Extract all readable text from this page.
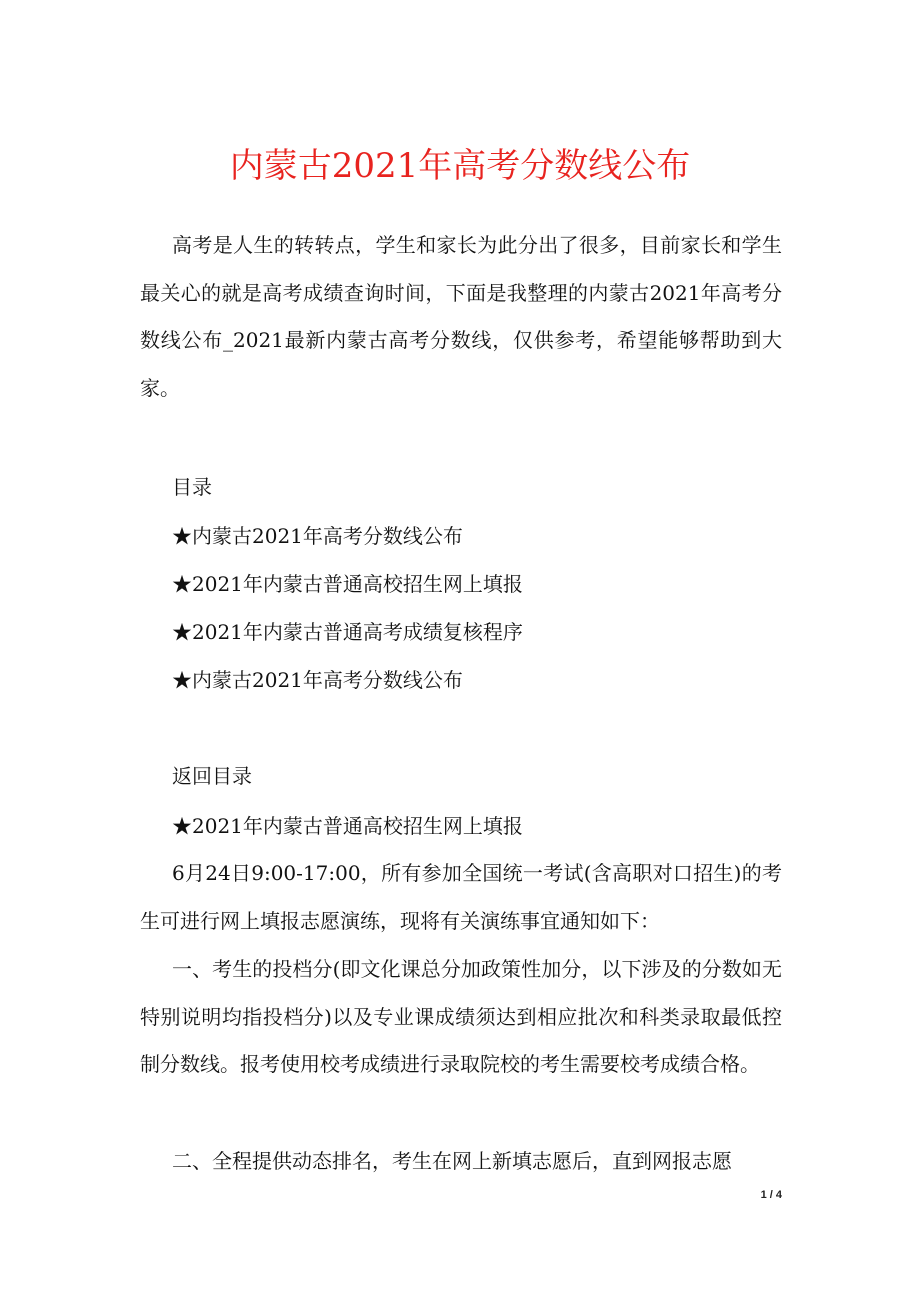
内蒙古2021年高考分数线公布

高考是人生的转转点，学生和家长为此分出了很多，目前家长和学生最关心的就是高考成绩查询时间，下面是我整理的内蒙古2021年高考分数线公布_2021最新内蒙古高考分数线，仅供参考，希望能够帮助到大家。

目录
★内蒙古2021年高考分数线公布
★2021年内蒙古普通高校招生网上填报
★2021年内蒙古普通高考成绩复核程序
★内蒙古2021年高考分数线公布
返回目录
★2021年内蒙古普通高校招生网上填报

6月24日9:00-17:00，所有参加全国统一考试(含高职对口招生)的考生可进行网上填报志愿演练，现将有关演练事宜通知如下：

一、考生的投档分(即文化课总分加政策性加分，以下涉及的分数如无特别说明均指投档分)以及专业课成绩须达到相应批次和科类录取最低控制分数线。报考使用校考成绩进行录取院校的考生需要校考成绩合格。

二、全程提供动态排名，考生在网上新填志愿后，直到网报志愿

1 / 4
